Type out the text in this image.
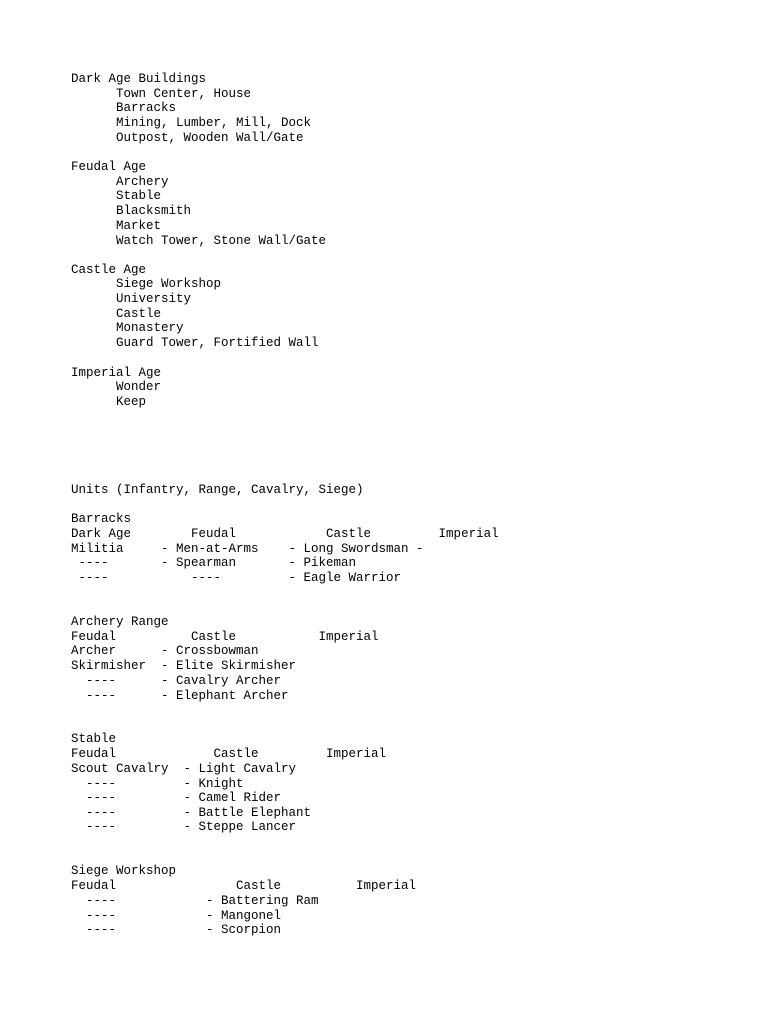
Dark Age Buildings
Town Center, House
Barracks
Mining, Lumber, Mill, Dock
Outpost, Wooden Wall/Gate
Feudal Age
Archery
Stable
Blacksmith
Market
Watch Tower, Stone Wall/Gate
Castle Age
Siege Workshop
University
Castle
Monastery
Guard Tower, Fortified Wall
Imperial Age
Wonder
Keep
Units (Infantry, Range, Cavalry, Siege)
Barracks
Dark Age        Feudal            Castle         Imperial
Militia     - Men-at-Arms    - Long Swordsman -
----       - Spearman       - Pikeman
----           ----         - Eagle Warrior
Archery Range
Feudal          Castle           Imperial
Archer      - Crossbowman
Skirmisher  - Elite Skirmisher
----      - Cavalry Archer
----      - Elephant Archer
Stable
Feudal             Castle         Imperial
Scout Cavalry  - Light Cavalry
----         - Knight
----         - Camel Rider
----         - Battle Elephant
----         - Steppe Lancer
Siege Workshop
Feudal                Castle          Imperial
----            - Battering Ram
----            - Mangonel
----            - Scorpion
